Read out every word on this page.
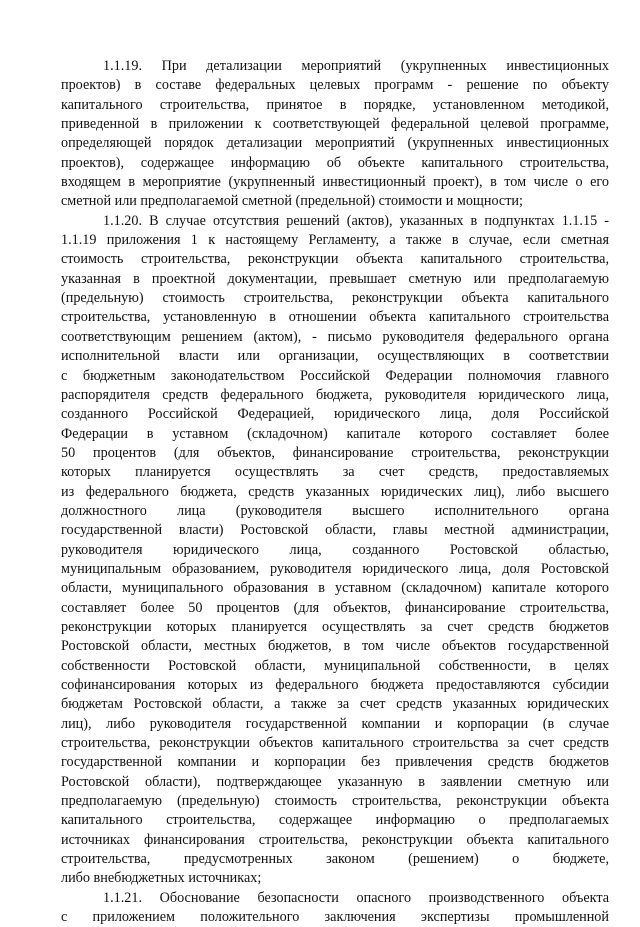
1.1.19. При детализации мероприятий (укрупненных инвестиционных
проектов) в составе федеральных целевых программ - решение по объекту
капитального строительства, принятое в порядке, установленном методикой,
приведенной в приложении к соответствующей федеральной целевой программе,
определяющей порядок детализации мероприятий (укрупненных инвестиционных
проектов), содержащее информацию об объекте капитального строительства,
входящем в мероприятие (укрупненный инвестиционный проект), в том числе о его
сметной или предполагаемой сметной (предельной) стоимости и мощности;
1.1.20. В случае отсутствия решений (актов), указанных в подпунктах 1.1.15 -
1.1.19 приложения 1 к настоящему Регламенту, а также в случае, если сметная
стоимость строительства, реконструкции объекта капитального строительства,
указанная в проектной документации, превышает сметную или предполагаемую
(предельную) стоимость строительства, реконструкции объекта капитального
строительства, установленную в отношении объекта капитального строительства
соответствующим решением (актом), - письмо руководителя федерального органа
исполнительной власти или организации, осуществляющих в соответствии
с бюджетным законодательством Российской Федерации полномочия главного
распорядителя средств федерального бюджета, руководителя юридического лица,
созданного Российской Федерацией, юридического лица, доля Российской
Федерации в уставном (складочном) капитале которого составляет более
50 процентов (для объектов, финансирование строительства, реконструкции
которых планируется осуществлять за счет средств, предоставляемых
из федерального бюджета, средств указанных юридических лиц), либо высшего
должностного лица (руководителя высшего исполнительного органа
государственной власти) Ростовской области, главы местной администрации,
руководителя юридического лица, созданного Ростовской областью,
муниципальным образованием, руководителя юридического лица, доля Ростовской
области, муниципального образования в уставном (складочном) капитале которого
составляет более 50 процентов (для объектов, финансирование строительства,
реконструкции которых планируется осуществлять за счет средств бюджетов
Ростовской области, местных бюджетов, в том числе объектов государственной
собственности Ростовской области, муниципальной собственности, в целях
софинансирования которых из федерального бюджета предоставляются субсидии
бюджетам Ростовской области, а также за счет средств указанных юридических
лиц), либо руководителя государственной компании и корпорации (в случае
строительства, реконструкции объектов капитального строительства за счет средств
государственной компании и корпорации без привлечения средств бюджетов
Ростовской области), подтверждающее указанную в заявлении сметную или
предполагаемую (предельную) стоимость строительства, реконструкции объекта
капитального строительства, содержащее информацию о предполагаемых
источниках финансирования строительства, реконструкции объекта капитального
строительства, предусмотренных законом (решением) о бюджете,
либо внебюджетных источниках;
1.1.21. Обоснование безопасности опасного производственного объекта
с приложением положительного заключения экспертизы промышленной
